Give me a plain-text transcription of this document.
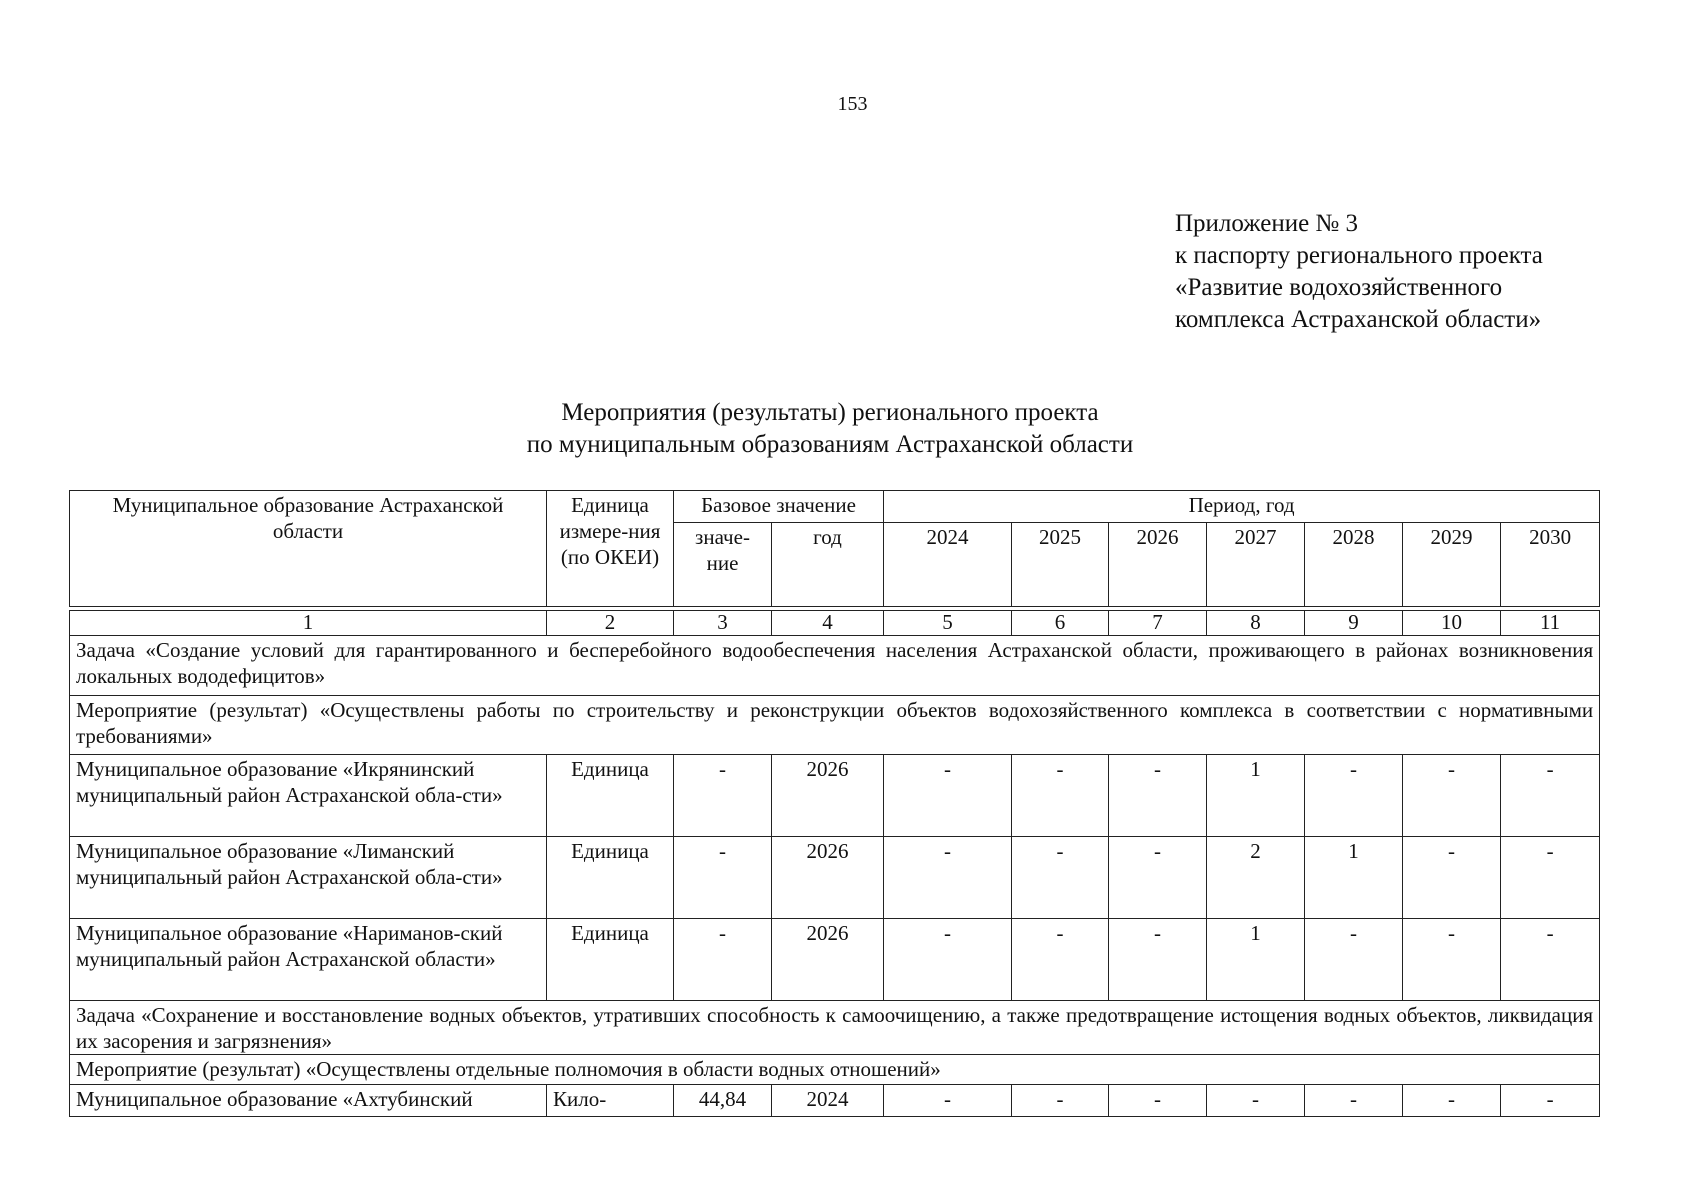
153
Приложение № 3
к паспорту регионального проекта
«Развитие водохозяйственного
комплекса Астраханской области»
Мероприятия (результаты) регионального проекта
по муниципальным образованиям Астраханской области
Муниципальное образование Астраханской области	Единица измере-ния (по ОКЕИ)	Базовое значение		Период, год						
		значе-ние	год	2024	2025	2026	2027	2028	2029	2030

1	2	3	4	5	6	7	8	9	10	11
Задача «Создание условий для гарантированного и бесперебойного водообеспечения населения Астраханской области, проживающего в районах возникновения локальных вододефицитов»										
Мероприятие (результат) «Осуществлены работы по строительству и реконструкции объектов водохозяйственного комплекса в соответствии с нормативными требованиями»										
Муниципальное образование «Икрянинский муниципальный район Астраханской обла-сти»	Единица	-	2026	-	-	-	1	-	-	-
Муниципальное образование «Лиманский муниципальный район Астраханской обла-сти»	Единица	-	2026	-	-	-	2	1	-	-
Муниципальное образование «Нариманов-ский муниципальный район Астраханской области»	Единица	-	2026	-	-	-	1	-	-	-
Задача «Сохранение и восстановление водных объектов, утративших способность к самоочищению, а также предотвращение истощения водных объектов, ликвидация их засорения и загрязнения»										
Мероприятие (результат) «Осуществлены отдельные полномочия в области водных отношений»										
Муниципальное образование «Ахтубинский	Кило-	44,84	2024	-	-	-	-	-	-	-
